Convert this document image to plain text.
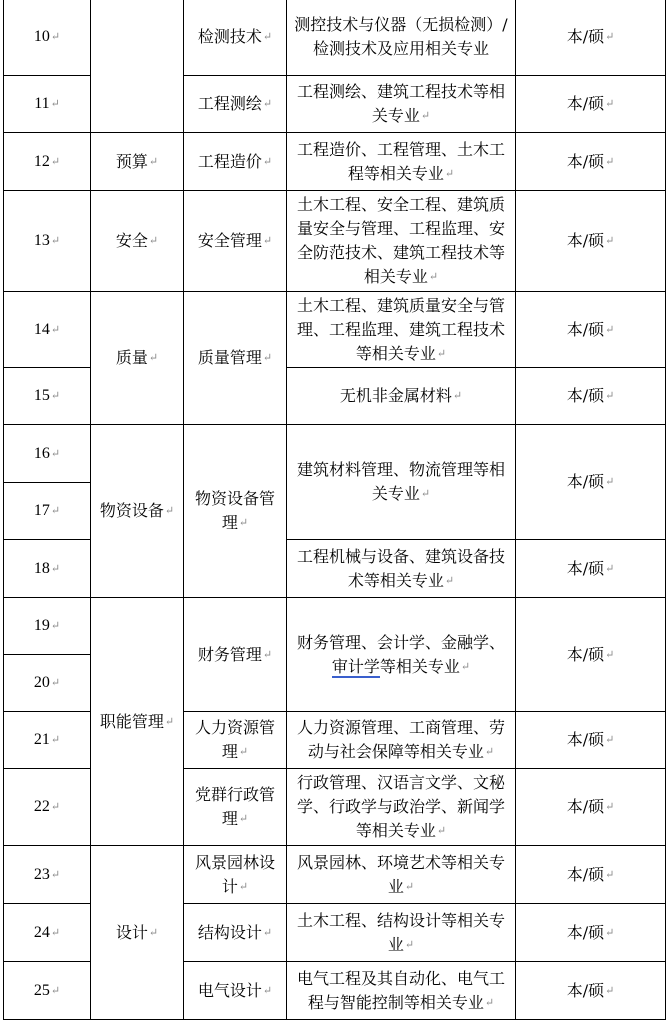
10↵		检测技术↵	测控技术与仪器（无损检测）/检测技术及应用相关专业	本/硕↵
11↵		工程测绘↵	工程测绘、建筑工程技术等相关专业↵	本/硕↵
12↵	预算↵	工程造价↵	工程造价、工程管理、土木工程等相关专业↵	本/硕↵
13↵	安全↵	安全管理↵	土木工程、安全工程、建筑质量安全与管理、工程监理、安全防范技术、建筑工程技术等相关专业↵	本/硕↵
14↵	质量↵	质量管理↵	土木工程、建筑质量安全与管理、工程监理、建筑工程技术等相关专业↵	本/硕↵
15↵			无机非金属材料↵	本/硕↵
16↵	物资设备↵	物资设备管理↵	建筑材料管理、物流管理等相关专业↵	本/硕↵
17↵
18↵			工程机械与设备、建筑设备技术等相关专业↵	本/硕↵
19↵	职能管理↵	财务管理↵	财务管理、会计学、金融学、审计学等相关专业↵	本/硕↵
20↵
21↵		人力资源管理↵	人力资源管理、工商管理、劳动与社会保障等相关专业↵	本/硕↵
22↵		党群行政管理↵	行政管理、汉语言文学、文秘学、行政学与政治学、新闻学等相关专业↵	本/硕↵
23↵	设计↵	风景园林设计↵	风景园林、环境艺术等相关专业↵	本/硕↵
24↵		结构设计↵	土木工程、结构设计等相关专业↵	本/硕↵
25↵		电气设计↵	电气工程及其自动化、电气工程与智能控制等相关专业↵	本/硕↵
